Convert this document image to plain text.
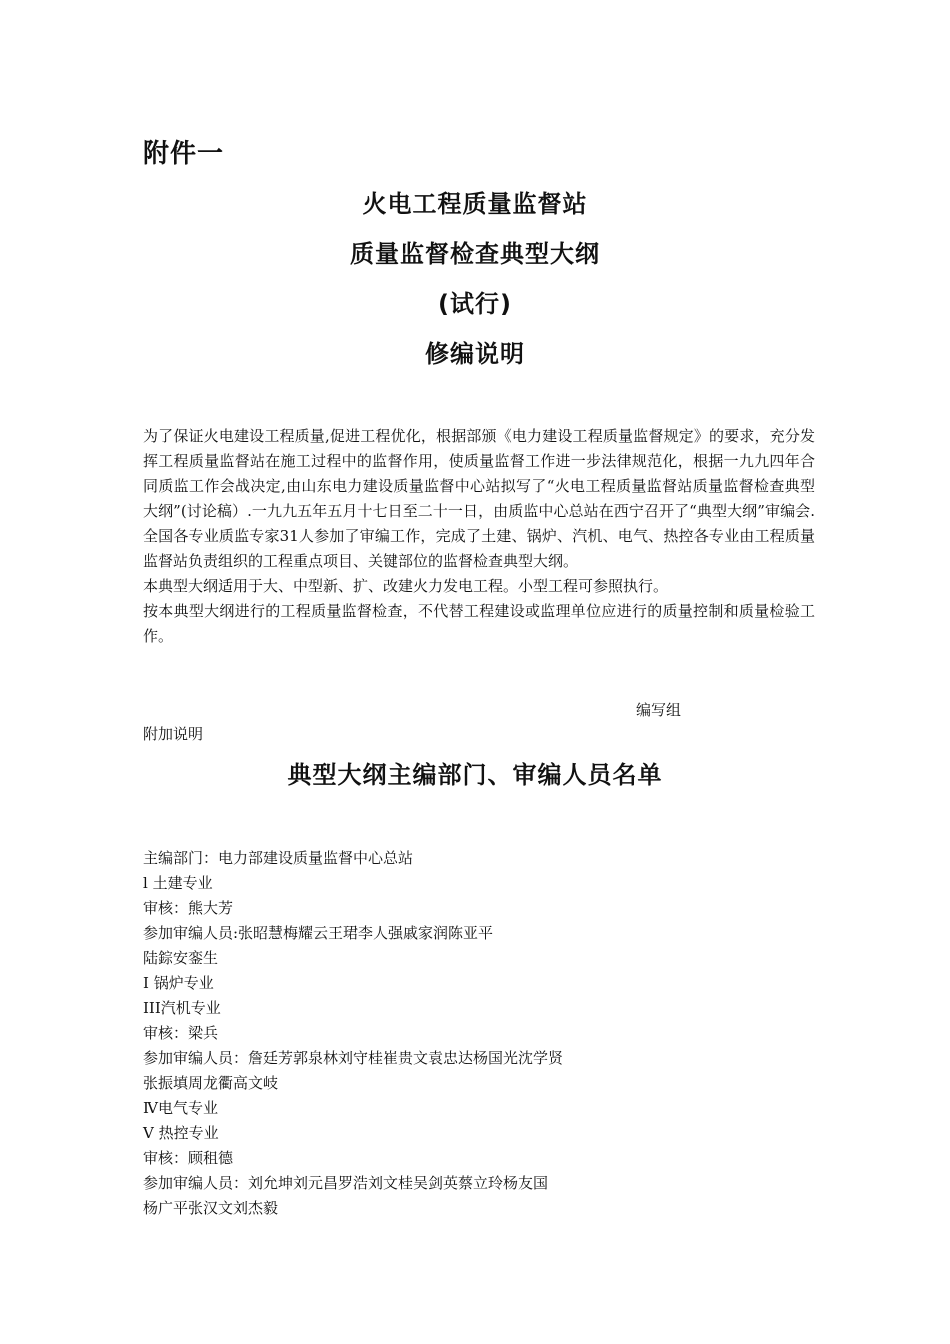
附件一
火电工程质量监督站
质量监督检查典型大纲
(试行)
修编说明

为了保证火电建设工程质量,促进工程优化，根据部颁《电力建设工程质量监督规定》的要求，充分发挥工程质量监督站在施工过程中的监督作用，使质量监督工作进一步法律规范化，根据一九九四年合同质监工作会战决定,由山东电力建设质量监督中心站拟写了“火电工程质量监督站质量监督检查典型大纲”(讨论稿）.一九九五年五月十七日至二十一日，由质监中心总站在西宁召开了“典型大纲”审编会.全国各专业质监专家31人参加了审编工作，完成了土建、锅炉、汽机、电气、热控各专业由工程质量监督站负责组织的工程重点项目、关键部位的监督检查典型大纲。

本典型大纲适用于大、中型新、扩、改建火力发电工程。小型工程可参照执行。

按本典型大纲进行的工程质量监督检查，不代替工程建设或监理单位应进行的质量控制和质量检验工作。

编写组
附加说明
典型大纲主编部门、审编人员名单
主编部门：电力部建设质量监督中心总站
l 土建专业
审核：熊大芳
参加审编人员:张昭慧梅耀云王珺李人强戚家润陈亚平
陆錝安銮生
I 锅炉专业
III汽机专业
审核：梁兵
参加审编人员：詹廷芳郭泉林刘守桂崔贵文袁忠达杨国光沈学贤
张振填周龙衢高文岐
Ⅳ电气专业
V 热控专业
审核：顾租德
参加审编人员：刘允坤刘元昌罗浩刘文桂吴剑英蔡立玲杨友国
杨广平张汉文刘杰毅
